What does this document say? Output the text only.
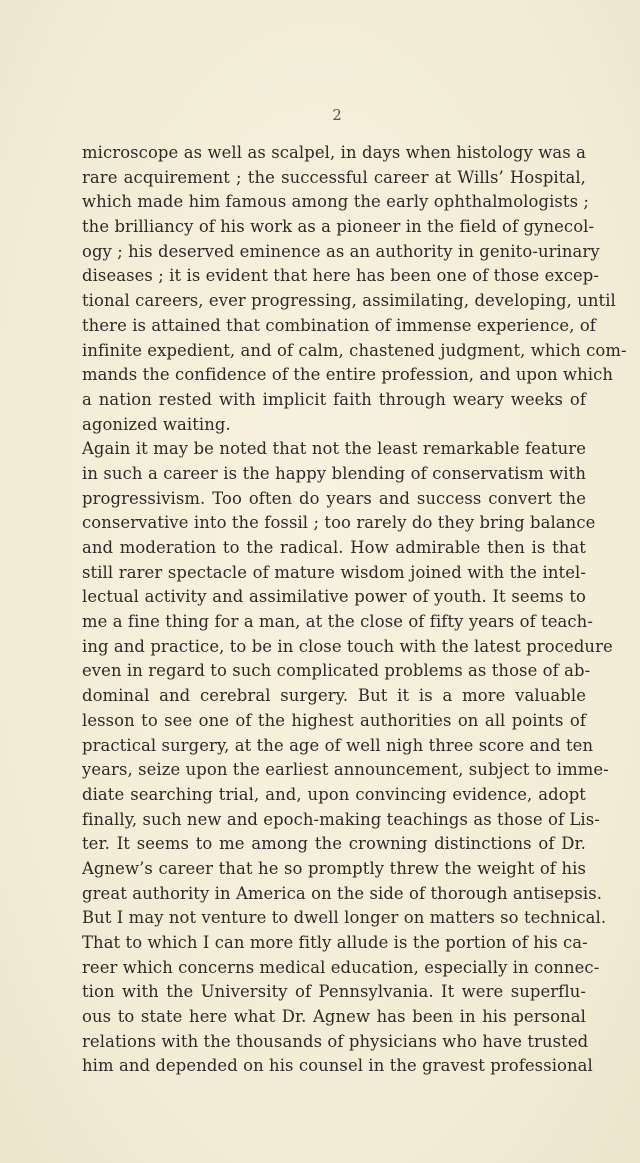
2
microscope as well as scalpel, in days when histology was a
rare acquirement ; the successful career at Wills’ Hospital,
which made him famous among the early ophthalmologists ;
the brilliancy of his work as a pioneer in the field of gynecol-
ogy ; his deserved eminence as an authority in genito-urinary
diseases ; it is evident that here has been one of those excep-
tional careers, ever progressing, assimilating, developing, until
there is attained that combination of immense experience, of
infinite expedient, and of calm, chastened judgment, which com-
mands the confidence of the entire profession, and upon which
a nation rested with implicit faith through weary weeks of
agonized waiting.
Again it may be noted that not the least remarkable feature
in such a career is the happy blending of conservatism with
progressivism. Too often do years and success convert the
conservative into the fossil ; too rarely do they bring balance
and moderation to the radical. How admirable then is that
still rarer spectacle of mature wisdom joined with the intel-
lectual activity and assimilative power of youth. It seems to
me a fine thing for a man, at the close of fifty years of teach-
ing and practice, to be in close touch with the latest procedure
even in regard to such complicated problems as those of ab-
dominal and cerebral surgery. But it is a more valuable
lesson to see one of the highest authorities on all points of
practical surgery, at the age of well nigh three score and ten
years, seize upon the earliest announcement, subject to imme-
diate searching trial, and, upon convincing evidence, adopt
finally, such new and epoch-making teachings as those of Lis-
ter. It seems to me among the crowning distinctions of Dr.
Agnew’s career that he so promptly threw the weight of his
great authority in America on the side of thorough antisepsis.
But I may not venture to dwell longer on matters so technical.
That to which I can more fitly allude is the portion of his ca-
reer which concerns medical education, especially in connec-
tion with the University of Pennsylvania. It were superflu-
ous to state here what Dr. Agnew has been in his personal
relations with the thousands of physicians who have trusted
him and depended on his counsel in the gravest professional
